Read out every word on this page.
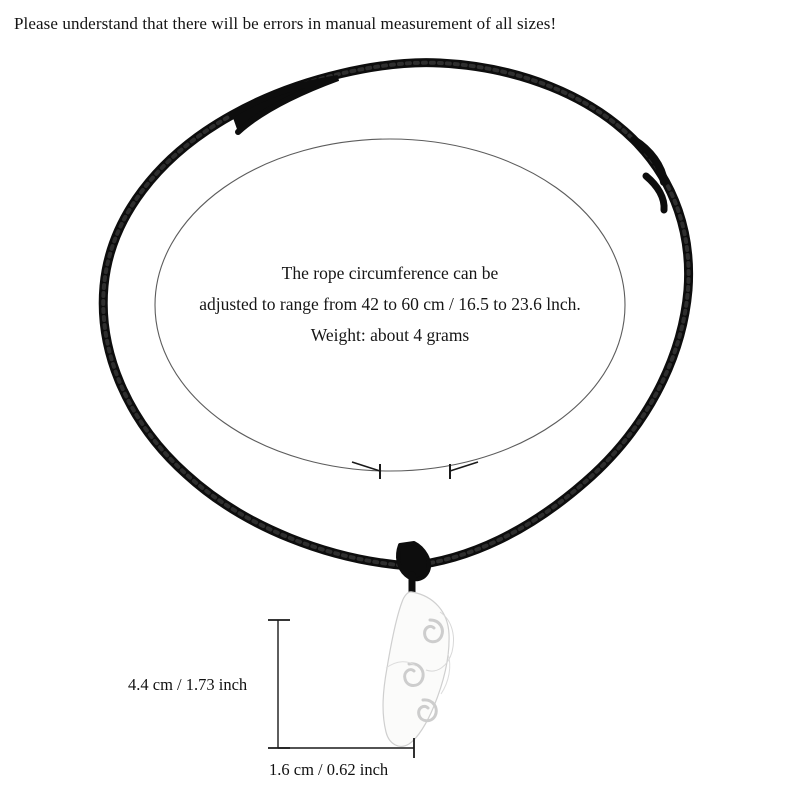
Please understand that there will be errors in manual measurement of all sizes!
The rope circumference can be
adjusted to range from 42 to 60 cm / 16.5 to 23.6 lnch.
Weight: about 4 grams
4.4 cm / 1.73 inch
1.6 cm / 0.62 inch
